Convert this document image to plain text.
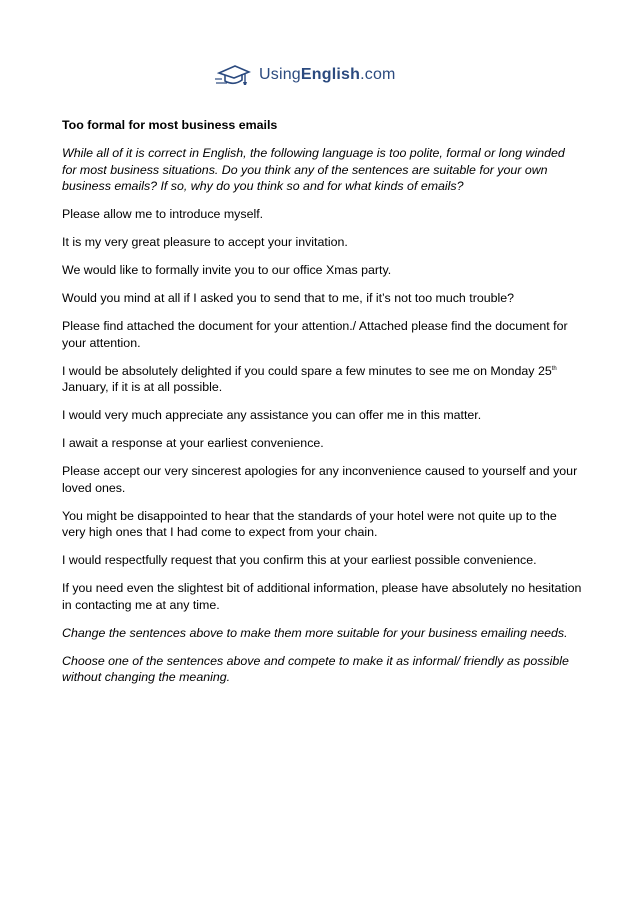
UsingEnglish.com

Too formal for most business emails

While all of it is correct in English, the following language is too polite, formal or long winded for most business situations. Do you think any of the sentences are suitable for your own business emails? If so, why do you think so and for what kinds of emails?

Please allow me to introduce myself.

It is my very great pleasure to accept your invitation.

We would like to formally invite you to our office Xmas party.

Would you mind at all if I asked you to send that to me, if it’s not too much trouble?

Please find attached the document for your attention./ Attached please find the document for your attention.

I would be absolutely delighted if you could spare a few minutes to see me on Monday 25th January, if it is at all possible.

I would very much appreciate any assistance you can offer me in this matter.

I await a response at your earliest convenience.

Please accept our very sincerest apologies for any inconvenience caused to yourself and your loved ones.

You might be disappointed to hear that the standards of your hotel were not quite up to the very high ones that I had come to expect from your chain.

I would respectfully request that you confirm this at your earliest possible convenience.

If you need even the slightest bit of additional information, please have absolutely no hesitation in contacting me at any time.

Change the sentences above to make them more suitable for your business emailing needs.

Choose one of the sentences above and compete to make it as informal/ friendly as possible without changing the meaning.
